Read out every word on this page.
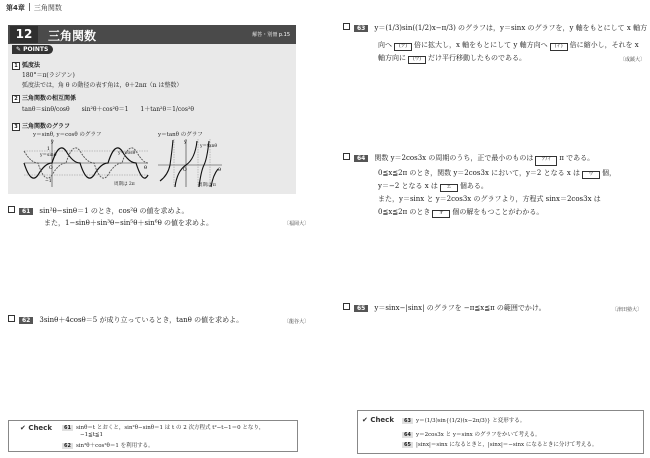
第4章 三角関数
12	三角関数	解答・別冊 p.15
✎ POINTS
1 弧度法
180°＝π(ラジアン)
弧度法では，角 θ の動径の表す角は，θ＋2nπ（n は整数）
2 三角関数の相互関係
tanθ＝sinθ/cosθ　　sin²θ＋cos²θ＝1　　1＋tan²θ＝1/cos²θ
3 三角関数のグラフ
y＝sinθ, y＝cosθ のグラフ	y＝tanθ のグラフ
y
θ
1
−1
O
y＝sinθ	y＝cosθ
周期は 2π
y
θ
O
y＝tanθ
周期は π
61 sin²θ−sinθ＝1 のとき，cos²θ の値を求めよ。
また，1−sinθ＋sin³θ−sin⁵θ＋sin⁶θ の値を求めよ。	〔福岡大〕
62 3sinθ＋4cosθ＝5 が成り立っているとき，tanθ の値を求めよ。	〔龍谷大〕
63 y＝(1/3)sin((1/2)x−π/3) のグラフは，y＝sinx のグラフを，y 軸をもとにして x 軸方
向へ (ア) 倍に拡大し，x 軸をもとにして y 軸方向へ (イ) 倍に縮小し，それを x
軸方向に (ウ) だけ平行移動したものである。	〔成蹊大〕
64 関数 y＝2cos3x の周期のうち，正で最小のものは ア/イ π である。
0≦x≦2π のとき，関数 y＝2cos3x において，y＝2 となる x は ウ 個，
y＝−2 となる x は エ 個ある。
また，y＝sinx と y＝2cos3x のグラフより，方程式 sinx＝2cos3x は
0≦x≦2π のとき オ 個の解をもつことがわかる。
65 y＝sinx−|sinx| のグラフを −π≦x≦π の範囲でかけ。	〔津田塾大〕
✔ Check	61 sinθ＝t とおくと，sin²θ−sinθ＝1 は t の 2 次方程式 t²−t−1＝0 となり，
−1≦t≦1
62 sin²θ＋cos²θ＝1 を利用する。
✔ Check	63 y＝(1/3)sin{(1/2)(x−2π/3)} と変形する。
64 y＝2cos3x と y＝sinx のグラフをかいて考える。
65 |sinx|＝sinx になるときと，|sinx|＝−sinx になるときに分けて考える。
